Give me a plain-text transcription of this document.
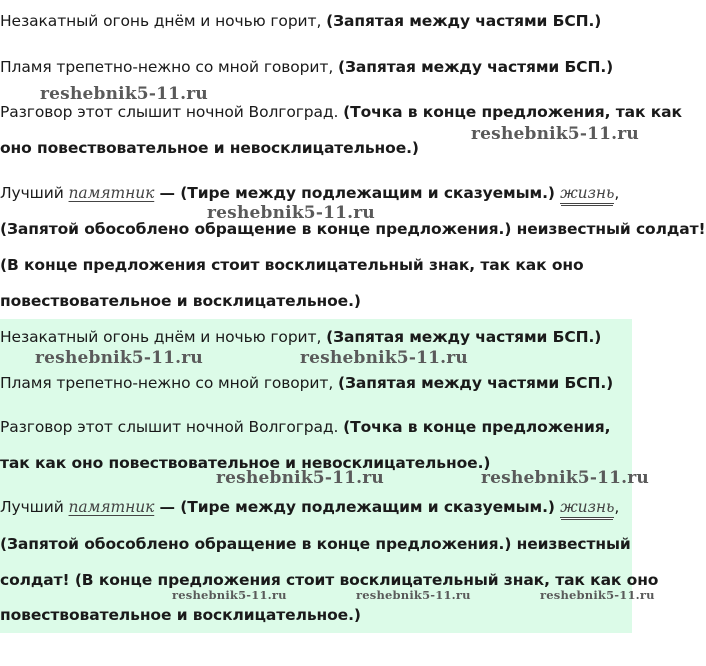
Незакатный огонь днём и ночью горит, (Запятая между частями БСП.)
Пламя трепетно-нежно со мной говорит, (Запятая между частями БСП.)
Разговор этот слышит ночной Волгоград. (Точка в конце предложения, так как
оно повествовательное и невосклицательное.)
Лучший памятник — (Тире между подлежащим и сказуемым.) жизнь,
(Запятой обособлено обращение в конце предложения.) неизвестный солдат!
(В конце предложения стоит восклицательный знак, так как оно
повествовательное и восклицательное.)
Незакатный огонь днём и ночью горит, (Запятая между частями БСП.)
Пламя трепетно-нежно со мной говорит, (Запятая между частями БСП.)
Разговор этот слышит ночной Волгоград. (Точка в конце предложения,
так как оно повествовательное и невосклицательное.)
Лучший памятник — (Тире между подлежащим и сказуемым.) жизнь,
(Запятой обособлено обращение в конце предложения.) неизвестный
солдат! (В конце предложения стоит восклицательный знак, так как оно
повествовательное и восклицательное.)
reshebnik5-11.ru
reshebnik5-11.ru
reshebnik5-11.ru
reshebnik5-11.ru	reshebnik5-11.ru
reshebnik5-11.ru	reshebnik5-11.ru
reshebnik5-11.ru	reshebnik5-11.ru	reshebnik5-11.ru
